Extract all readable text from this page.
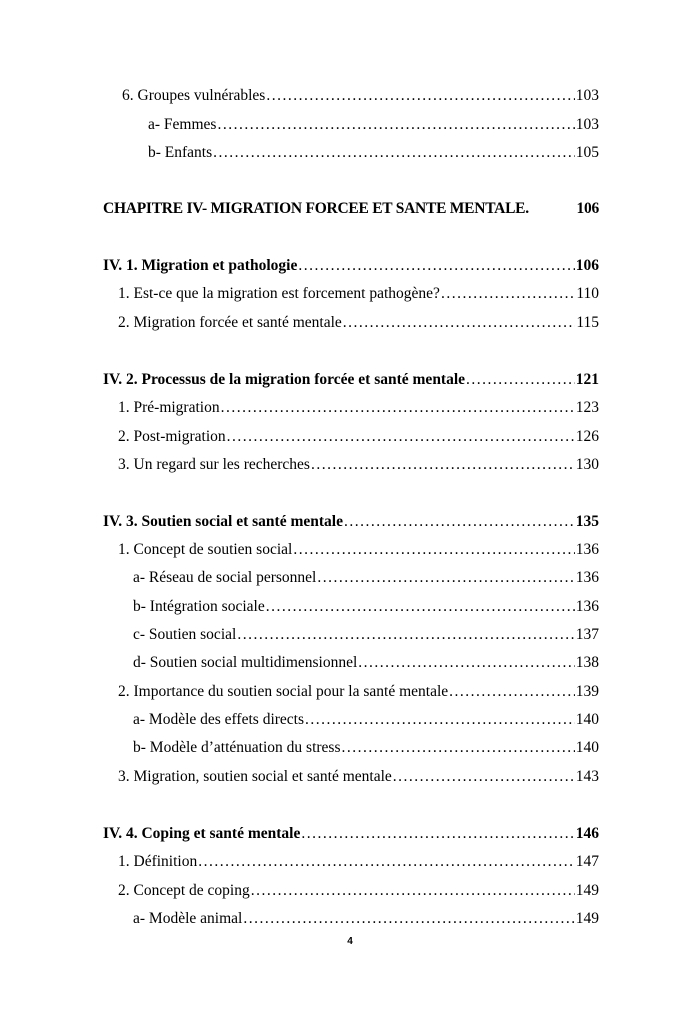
6. Groupes vulnérables .....	103
a- Femmes .....	103
b- Enfants .....	105
CHAPITRE IV- MIGRATION FORCEE ET SANTE MENTALE.	106
IV. 1. Migration et pathologie .....	106
1. Est-ce que la migration est forcement pathogène? .....	110
2. Migration forcée et santé mentale .....	115
IV. 2. Processus de la migration forcée et santé mentale .....	121
1. Pré-migration .....	123
2. Post-migration .....	126
3. Un regard sur les recherches .....	130
IV. 3. Soutien social et santé mentale .....	135
1. Concept de soutien social .....	136
a- Réseau de social personnel .....	136
b- Intégration sociale .....	136
c- Soutien social .....	137
d- Soutien social multidimensionnel .....	138
2. Importance du soutien social pour la santé mentale .....	139
a- Modèle des effets directs .....	140
b- Modèle d’atténuation du stress .....	140
3. Migration, soutien social et santé mentale .....	143
IV. 4. Coping et santé mentale .....	146
1. Définition .....	147
2. Concept de coping .....	149
a- Modèle animal .....	149
4
